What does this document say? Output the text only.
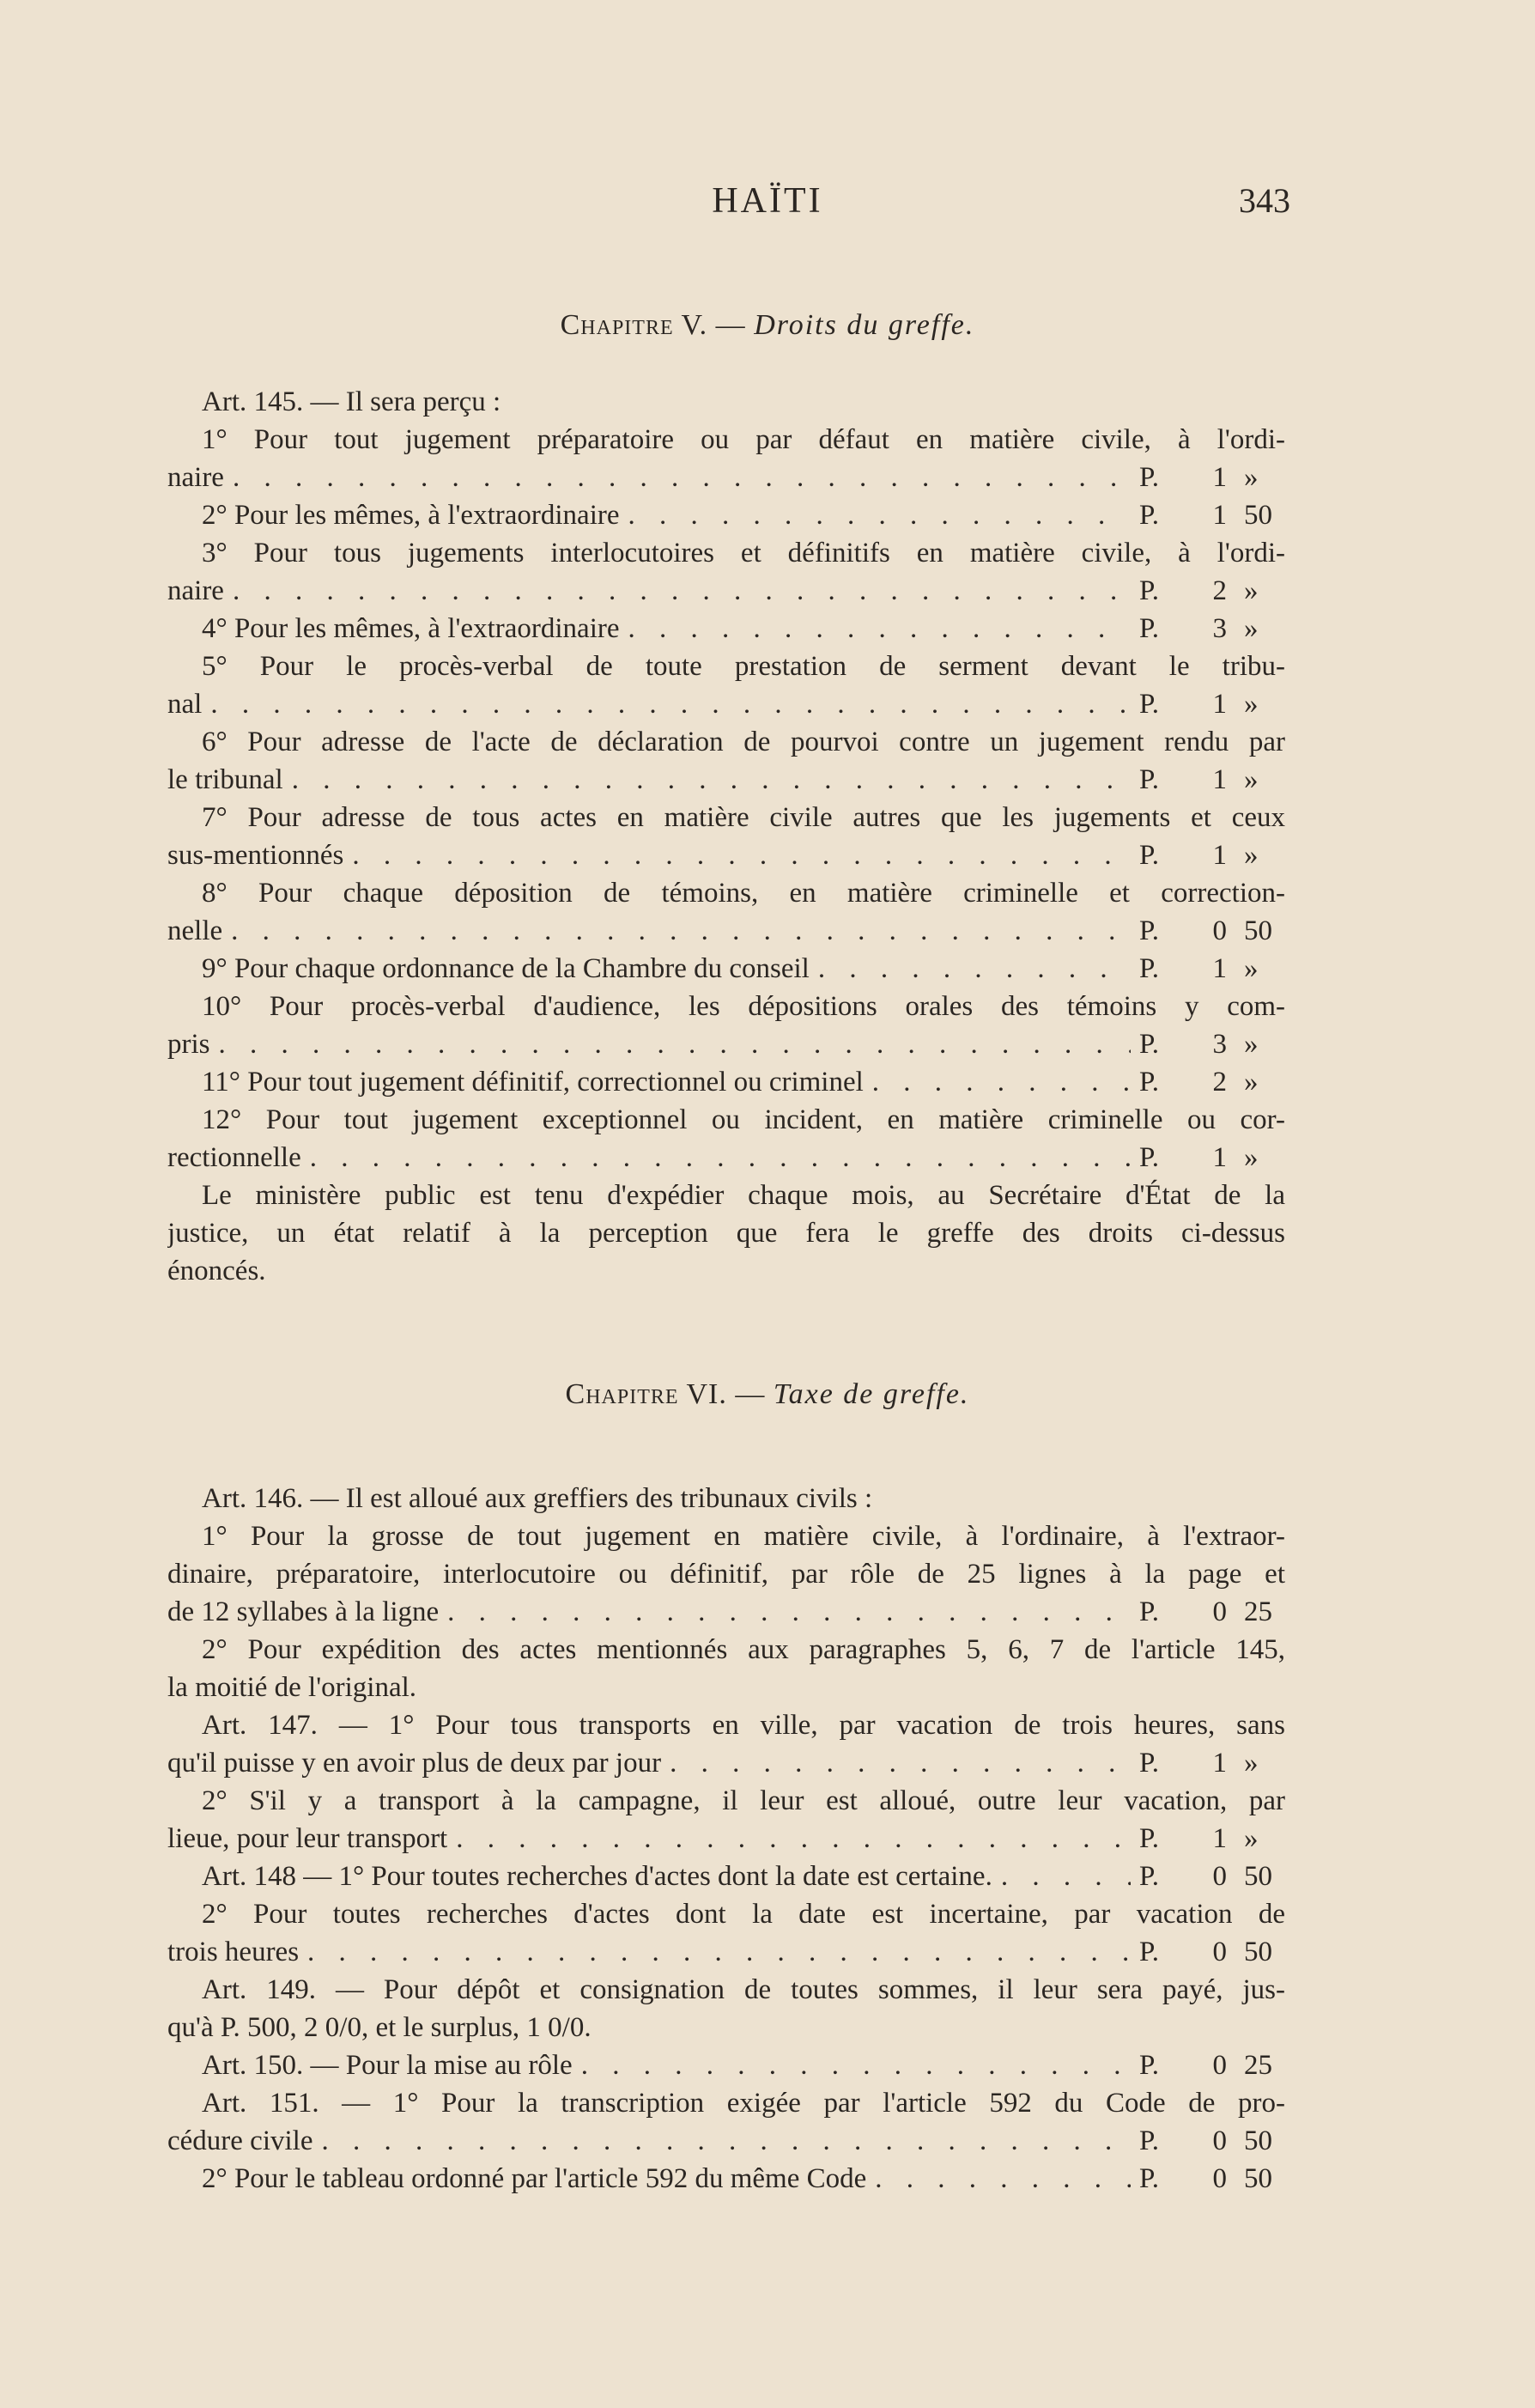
HAÏTI	343
Chapitre V. — Droits du greffe.
Art. 145. — Il sera perçu :
1° Pour tout jugement préparatoire ou par défaut en matière civile, à l'ordi-
naire . . .	P.	1 »
2° Pour les mêmes, à l'extraordinaire . . .	P.	1 50
3° Pour tous jugements interlocutoires et définitifs en matière civile, à l'ordi-
naire . . .	P.	2 »
4° Pour les mêmes, à l'extraordinaire . . .	P.	3 »
5° Pour le procès-verbal de toute prestation de serment devant le tribu-
nal . . .	P.	1 »
6° Pour adresse de l'acte de déclaration de pourvoi contre un jugement rendu par
le tribunal . . .	P.	1 »
7° Pour adresse de tous actes en matière civile autres que les jugements et ceux
sus-mentionnés . . .	P.	1 »
8° Pour chaque déposition de témoins, en matière criminelle et correction-
nelle . . .	P.	0 50
9° Pour chaque ordonnance de la Chambre du conseil . . .	P.	1 »
10° Pour procès-verbal d'audience, les dépositions orales des témoins y com-
pris . . .	P.	3 »
11° Pour tout jugement définitif, correctionnel ou criminel . . .	P.	2 »
12° Pour tout jugement exceptionnel ou incident, en matière criminelle ou cor-
rectionnelle . . .	P.	1 »
Le ministère public est tenu d'expédier chaque mois, au Secrétaire d'État de la
justice, un état relatif à la perception que fera le greffe des droits ci-dessus
énoncés.
Chapitre VI. — Taxe de greffe.
Art. 146. — Il est alloué aux greffiers des tribunaux civils :
1° Pour la grosse de tout jugement en matière civile, à l'ordinaire, à l'extraor-
dinaire, préparatoire, interlocutoire ou définitif, par rôle de 25 lignes à la page et
de 12 syllabes à la ligne . . .	P.	0 25
2° Pour expédition des actes mentionnés aux paragraphes 5, 6, 7 de l'article 145,
la moitié de l'original.
Art. 147. — 1° Pour tous transports en ville, par vacation de trois heures, sans
qu'il puisse y en avoir plus de deux par jour . . .	P.	1 »
2° S'il y a transport à la campagne, il leur est alloué, outre leur vacation, par
lieue, pour leur transport . . .	P.	1 »
Art. 148 — 1° Pour toutes recherches d'actes dont la date est certaine. . . .	P.	0 50
2° Pour toutes recherches d'actes dont la date est incertaine, par vacation de
trois heures . . .	P.	0 50
Art. 149. — Pour dépôt et consignation de toutes sommes, il leur sera payé, jus-
qu'à P. 500, 2 0/0, et le surplus, 1 0/0.
Art. 150. — Pour la mise au rôle . . .	P.	0 25
Art. 151. — 1° Pour la transcription exigée par l'article 592 du Code de pro-
cédure civile . . .	P.	0 50
2° Pour le tableau ordonné par l'article 592 du même Code . . .	P.	0 50
